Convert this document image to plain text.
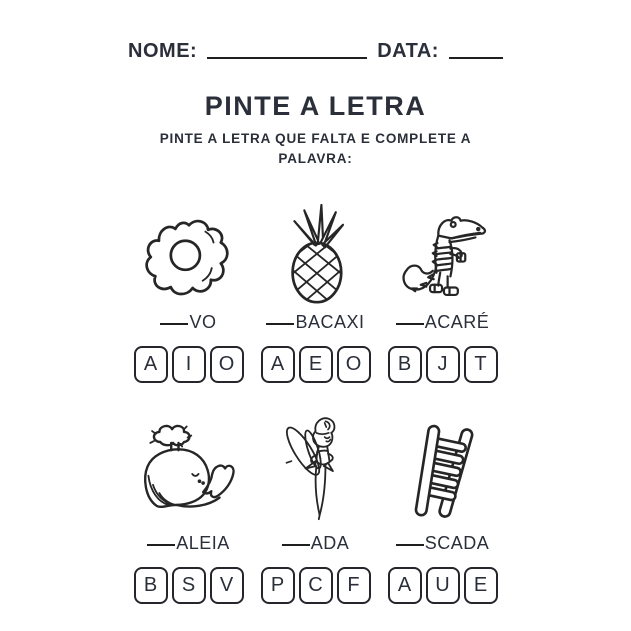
NOME:	DATA:
PINTE A LETRA
PINTE A LETRA QUE FALTA E COMPLETE A PALAVRA:
VO
A	I	O
BACAXI
A	E	O
ACARÉ
B	J	T
ALEIA
B	S	V
ADA
P	C	F
SCADA
A	U	E
